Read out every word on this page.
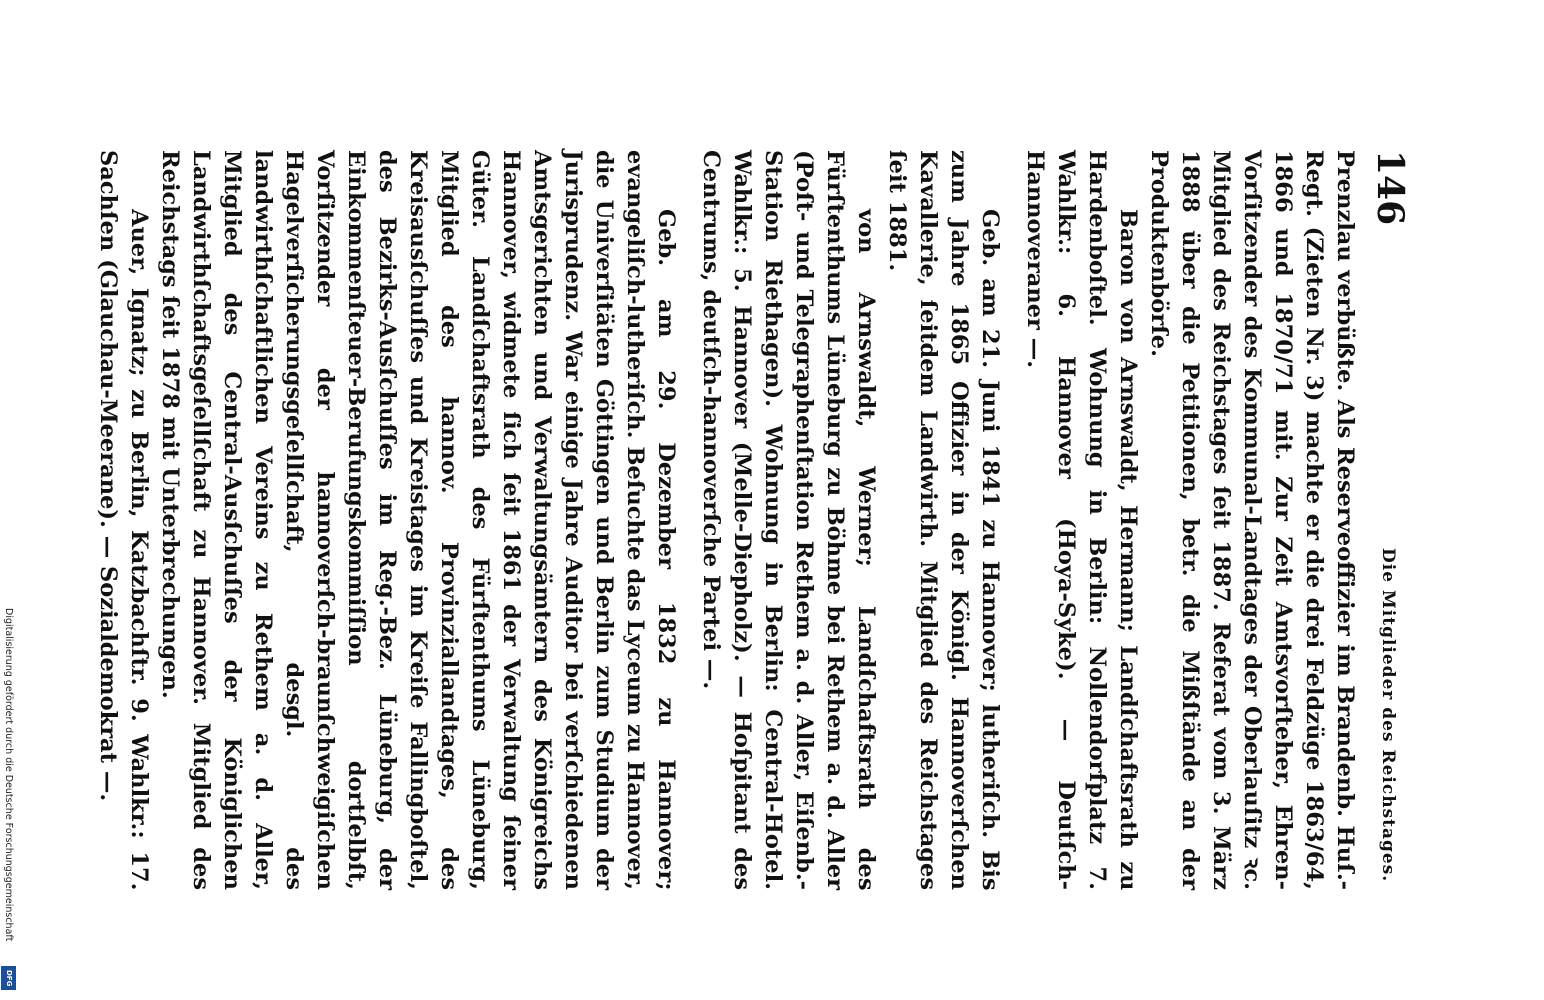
146
Die Mitglieder des Reichstages.

Prenzlau verbüßte. Als Reserveoffizier im Brandenb. Huſ.-Regt. (Zieten Nr. 3) machte er die drei Feldzüge 1863/64, 1866 und 1870/71 mit. Zur Zeit Amtsvorſteher, Ehren-Vorſitzender des Kommunal-Landtages der Oberlauſitz ꝛc. Mitglied des Reichstages ſeit 1887. Referat vom 3. März 1888 über die Petitionen, betr. die Mißſtände an der Produktenbörſe.

Baron von Arnswaldt, Hermann; Landſchaftsrath zu Hardenboſtel. Wohnung in Berlin: Nollendorfplatz 7. Wahlkr.: 6. Hannover (Hoya-Syke). — Deutſch-Hannoveraner —.

Geb. am 21. Juni 1841 zu Hannover; lutheriſch. Bis zum Jahre 1865 Offizier in der Königl. Hannoverſchen Kavallerie, ſeitdem Landwirth. Mitglied des Reichstages ſeit 1881.

von Arnswaldt, Werner; Landſchaftsrath des Fürſtenthums Lüneburg zu Böhme bei Rethem a. d. Aller (Poſt- und Telegraphenſtation Rethem a. d. Aller, Eiſenb.-Station Riethagen). Wohnung in Berlin: Central-Hotel. Wahlkr.: 5. Hannover (Melle-Diepholz). — Hoſpitant des Centrums, deutſch-hannoverſche Partei —.

Geb. am 29. Dezember 1832 zu Hannover; evangeliſch-lutheriſch. Beſuchte das Lyceum zu Hannover, die Univerſitäten Göttingen und Berlin zum Studium der Jurisprudenz. War einige Jahre Auditor bei verſchiedenen Amtsgerichten und Verwaltungsämtern des Königreichs Hannover, widmete ſich ſeit 1861 der Verwaltung ſeiner Güter. Landſchaftsrath des Fürſtenthums Lüneburg, Mitglied des hannov. Provinziallandtages, des Kreisausſchuſſes und Kreistages im Kreiſe Fallingboſtel, des Bezirks-Ausſchuſſes im Reg.-Bez. Lüneburg, der Einkommenſteuer-Berufungskommiſſion dortſelbſt, Vorſitzender der hannoverſch-braunſchweigiſchen Hagelverſicherungsgeſellſchaft, desgl. des landwirthſchaftlichen Vereins zu Rethem a. d. Aller, Mitglied des Central-Ausſchuſſes der Königlichen Landwirthſchaftsgeſellſchaft zu Hannover. Mitglied des Reichstags ſeit 1878 mit Unterbrechungen.

Auer, Ignatz; zu Berlin, Katzbachſtr. 9. Wahlkr.: 17. Sachſen (Glauchau-Meerane). — Sozialdemokrat —.

Digitalisierung gefördert durch die Deutsche Forschungsgemeinschaft
DFG
